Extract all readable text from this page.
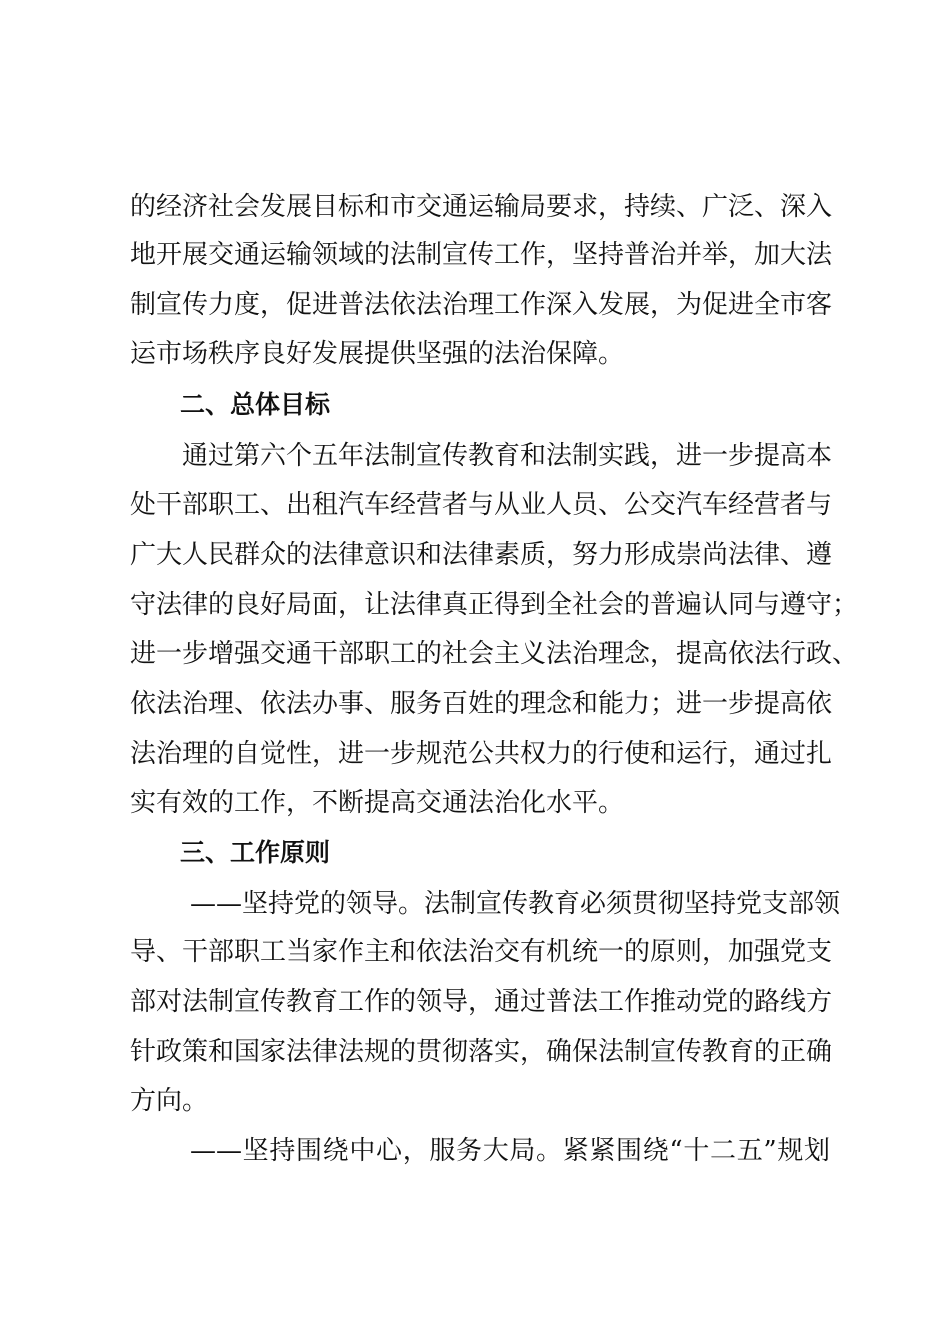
的经济社会发展目标和市交通运输局要求，持续、广泛、深入
地开展交通运输领域的法制宣传工作，坚持普治并举，加大法
制宣传力度，促进普法依法治理工作深入发展，为促进全市客
运市场秩序良好发展提供坚强的法治保障。
二、总体目标
通过第六个五年法制宣传教育和法制实践，进一步提高本
处干部职工、出租汽车经营者与从业人员、公交汽车经营者与
广大人民群众的法律意识和法律素质，努力形成崇尚法律、遵
守法律的良好局面，让法律真正得到全社会的普遍认同与遵守；
进一步增强交通干部职工的社会主义法治理念，提高依法行政、
依法治理、依法办事、服务百姓的理念和能力；进一步提高依
法治理的自觉性，进一步规范公共权力的行使和运行，通过扎
实有效的工作，不断提高交通法治化水平。
三、工作原则
——坚持党的领导。法制宣传教育必须贯彻坚持党支部领
导、干部职工当家作主和依法治交有机统一的原则，加强党支
部对法制宣传教育工作的领导，通过普法工作推动党的路线方
针政策和国家法律法规的贯彻落实，确保法制宣传教育的正确
方向。
——坚持围绕中心，服务大局。紧紧围绕“十二五”规划
